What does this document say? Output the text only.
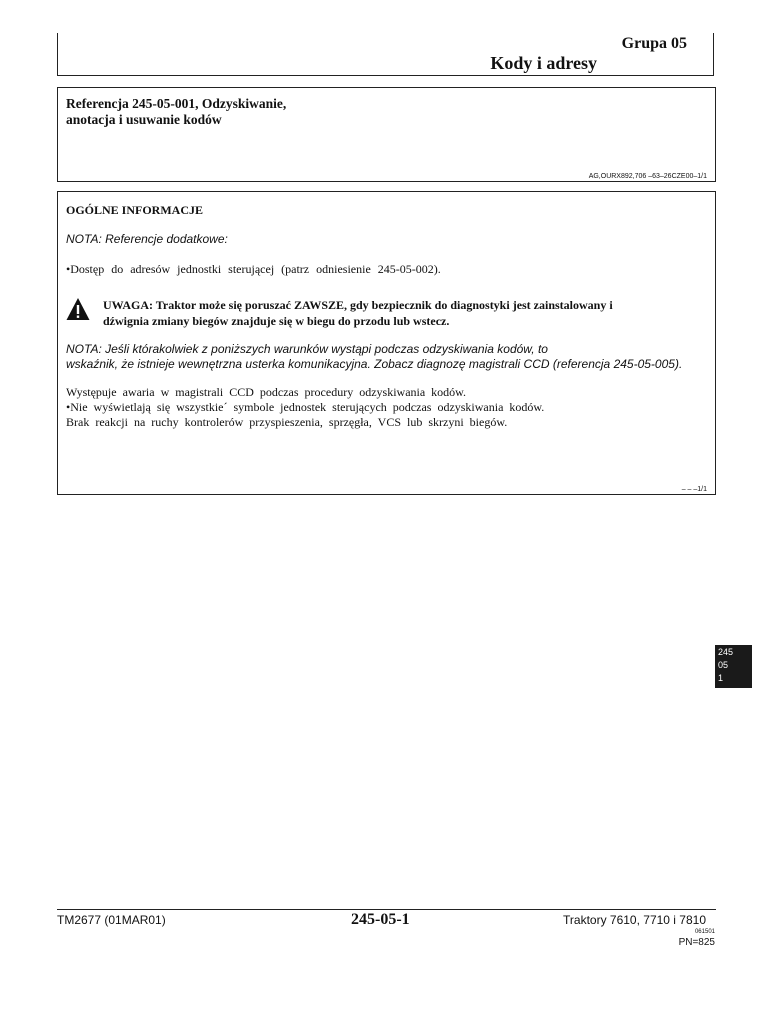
Grupa 05
Kody i adresy
Referencja 245-05-001, Odzyskiwanie,
anotacja i usuwanie kodów
AG,OURX892,706 –63–26CZE00–1/1
OGÓLNE INFORMACJE
NOTA: Referencje dodatkowe:
•Dostęp do adresów jednostki sterującej (patrz odniesienie 245-05-002).
UWAGA: Traktor może się poruszać ZAWSZE, gdy bezpiecznik do diagnostyki jest zainstalowany i
dźwignia zmiany biegów znajduje się w biegu do przodu lub wstecz.
NOTA: Jeśli którakolwiek z poniższych warunków wystąpi podczas odzyskiwania kodów, to
wskaźnik, że istnieje wewnętrzna usterka komunikacyjna. Zobacz diagnozę magistrali CCD (referencja 245-05-005).
Występuje awaria w magistrali CCD podczas procedury odzyskiwania kodów.
•Nie wyświetlają się wszystkie´ symbole jednostek sterujących podczas odzyskiwania kodów.
Brak reakcji na ruchy kontrolerów przyspieszenia, sprzęgła, VCS lub skrzyni biegów.
– – –1/1
245
05
1
TM2677 (01MAR01)	245-05-1	Traktory 7610, 7710 i 7810
061501
PN=825
